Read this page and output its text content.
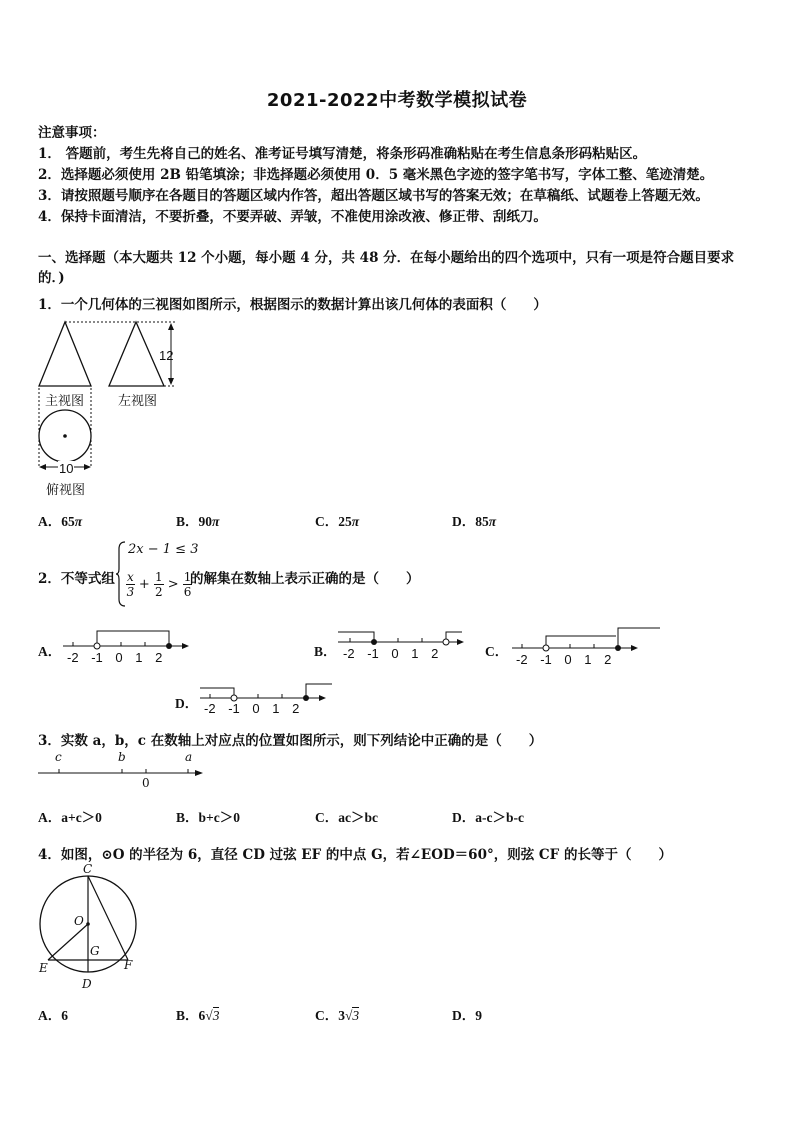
2021-2022中考数学模拟试卷
注意事项：
1． 答题前，考生先将自己的姓名、准考证号填写清楚，将条形码准确粘贴在考生信息条形码粘贴区。
2．选择题必须使用 2B 铅笔填涂；非选择题必须使用 0．5 毫米黑色字迹的签字笔书写，字体工整、笔迹清楚。
3．请按照题号顺序在各题目的答题区域内作答，超出答题区域书写的答案无效；在草稿纸、试题卷上答题无效。
4．保持卡面清洁，不要折叠，不要弄破、弄皱，不准使用涂改液、修正带、刮纸刀。
一、选择题（本大题共 12 个小题，每小题 4 分，共 48 分．在每小题给出的四个选项中，只有一项是符合题目要求
的．)
1．一个几何体的三视图如图所示，根据图示的数据计算出该几何体的表面积（　　）
12
主视图	左视图
10
俯视图
A．65π	B．90π	C．25π	D．85π
2．不等式组
2x − 1 ≤ 3
$\frac{x}{3} + \frac{1}{2} > \frac{1}{6}$
的解集在数轴上表示正确的是（　　）
A．	B．	C．
D．
-2 -1 0 1 2	-2 -1 0 1 2	-2 -1 0 1 2
-2 -1 0 1 2
3．实数 a，b，c 在数轴上对应点的位置如图所示，则下列结论中正确的是（　　）
c	b
0
a
A．a+c＞0	B．b+c＞0	C．ac＞bc	D．a-c＞b-c
4．如图，⊙O 的半径为 6，直径 CD 过弦 EF 的中点 G，若∠EOD＝60°，则弦 CF 的长等于（　　）
C
O
G
E	F
D
A．6	B．6√3	C．3√3	D．9
